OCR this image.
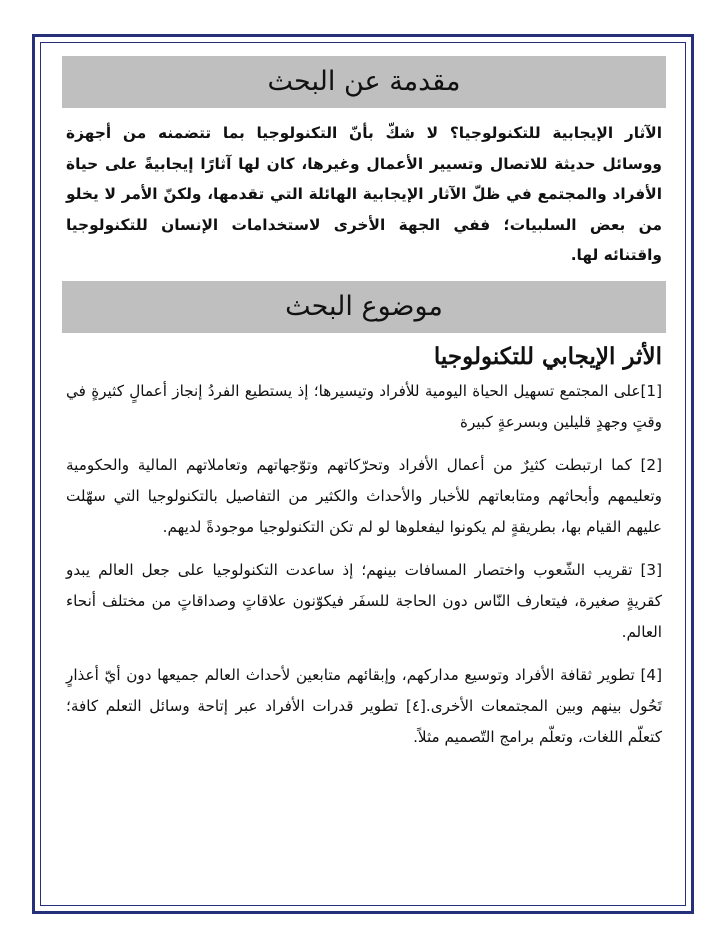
مقدمة عن البحث

الآثار الإيجابية للتكنولوجيا؟ لا شكّ بأنّ التكنولوجيا بما تتضمنه من أجهزة ووسائل حديثة للاتصال وتسيير الأعمال وغيرها، كان لها آثارًا إيجابيةً على حياة الأفراد والمجتمع في ظلّ الآثار الإيجابية الهائلة التي تقدمها، ولكنّ الأمر لا يخلو من بعض السلبيات؛ ففي الجهة الأخرى لاستخدامات الإنسان للتكنولوجيا واقتنائه لها.

موضوع البحث
الأثر الإيجابي للتكنولوجيا

[1]على المجتمع تسهيل الحياة اليومية للأفراد وتيسيرها؛ إذ يستطيع الفردُ إنجاز أعمالٍ كثيرةٍ في وقتٍ وجهدٍ قليلين وبسرعةٍ كبيرة

[2] كما ارتبطت كثيرٌ من أعمال الأفراد وتحرّكاتهم وتوّجهاتهم وتعاملاتهم المالية والحكومية وتعليمهم وأبحاثهم ومتابعاتهم للأخبار والأحداث والكثير من التفاصيل بالتكنولوجيا التي سهّلت عليهم القيام بها، بطريقةٍ لم يكونوا ليفعلوها لو لم تكن التكنولوجيا موجودةً لديهم.

[3] تقريب الشّعوب واختصار المسافات بينهم؛ إذ ساعدت التكنولوجيا على جعل العالم يبدو كقريةٍ صغيرة، فيتعارف النّاس دون الحاجة للسفَر فيكوّنون علاقاتٍ وصداقاتٍ من مختلف أنحاء العالم.

[4] تطوير ثقافة الأفراد وتوسيع مداركهم، وإبقائهم متابعين لأحداث العالم جميعها دون أيّ أعذارٍ تَحُول بينهم وبين المجتمعات الأخرى.[٤] تطوير قدرات الأفراد عبر إتاحة وسائل التعلم كافة؛ كتعلّم اللغات، وتعلّم برامج التّصميم مثلاً.
